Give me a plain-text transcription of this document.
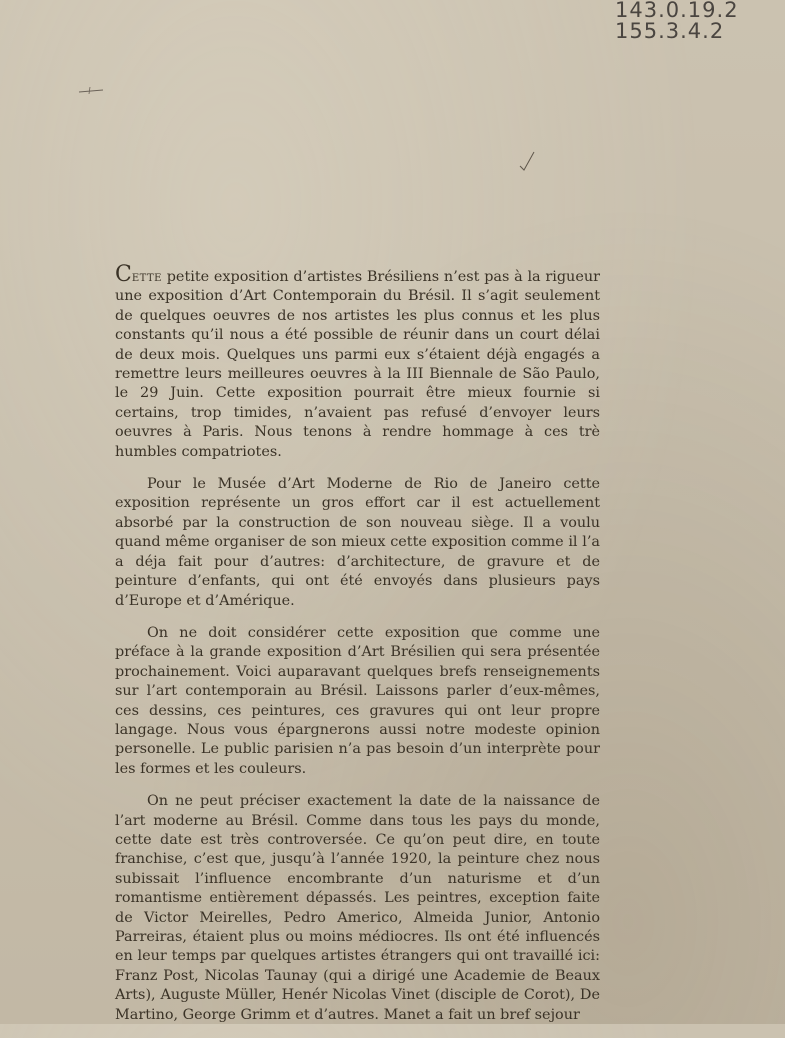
143.0.19.2
155.3.4.2

Cette petite exposition d’artistes Brésiliens n’est pas à la rigueur une exposition d’Art Contemporain du Brésil. Il s’agit seulement de quelques oeuvres de nos artistes les plus connus et les plus constants qu’il nous a été possible de réunir dans un court délai de deux mois. Quelques uns parmi eux s’étaient déjà engagés a remettre leurs meilleures oeuvres à la III Biennale de São Paulo, le 29 Juin. Cette exposition pourrait être mieux fournie si certains, trop timides, n’avaient pas refusé d’envoyer leurs oeuvres à Paris. Nous tenons à rendre hommage à ces trè humbles compatriotes.

Pour le Musée d’Art Moderne de Rio de Janeiro cette exposition représente un gros effort car il est actuellement absorbé par la construction de son nouveau siège. Il a voulu quand même organiser de son mieux cette exposition comme il l’a a déja fait pour d’autres: d’architecture, de gravure et de peinture d’enfants, qui ont été envoyés dans plusieurs pays d’Europe et d’Amérique.

On ne doit considérer cette exposition que comme une préface à la grande exposition d’Art Brésilien qui sera présentée prochainement. Voici auparavant quelques brefs renseignements sur l’art contemporain au Brésil. Laissons parler d’eux-mêmes, ces dessins, ces peintures, ces gravures qui ont leur propre langage. Nous vous épargnerons aussi notre modeste opinion personelle. Le public parisien n’a pas besoin d’un interprète pour les formes et les couleurs.

On ne peut préciser exactement la date de la naissance de l’art moderne au Brésil. Comme dans tous les pays du monde, cette date est très controversée. Ce qu’on peut dire, en toute franchise, c’est que, jusqu’à l’année 1920, la peinture chez nous subissait l’influence encombrante d’un naturisme et d’un romantisme entièrement dépassés. Les peintres, exception faite de Victor Meirelles, Pedro Americo, Almeida Junior, Antonio Parreiras, étaient plus ou moins médiocres. Ils ont été influencés en leur temps par quelques artistes étrangers qui ont travaillé ici: Franz Post, Nicolas Taunay (qui a dirigé une Academie de Beaux Arts), Auguste Müller, Henér Nicolas Vinet (disciple de Corot), De Martino, George Grimm et d’autres. Manet a fait un bref sejour
